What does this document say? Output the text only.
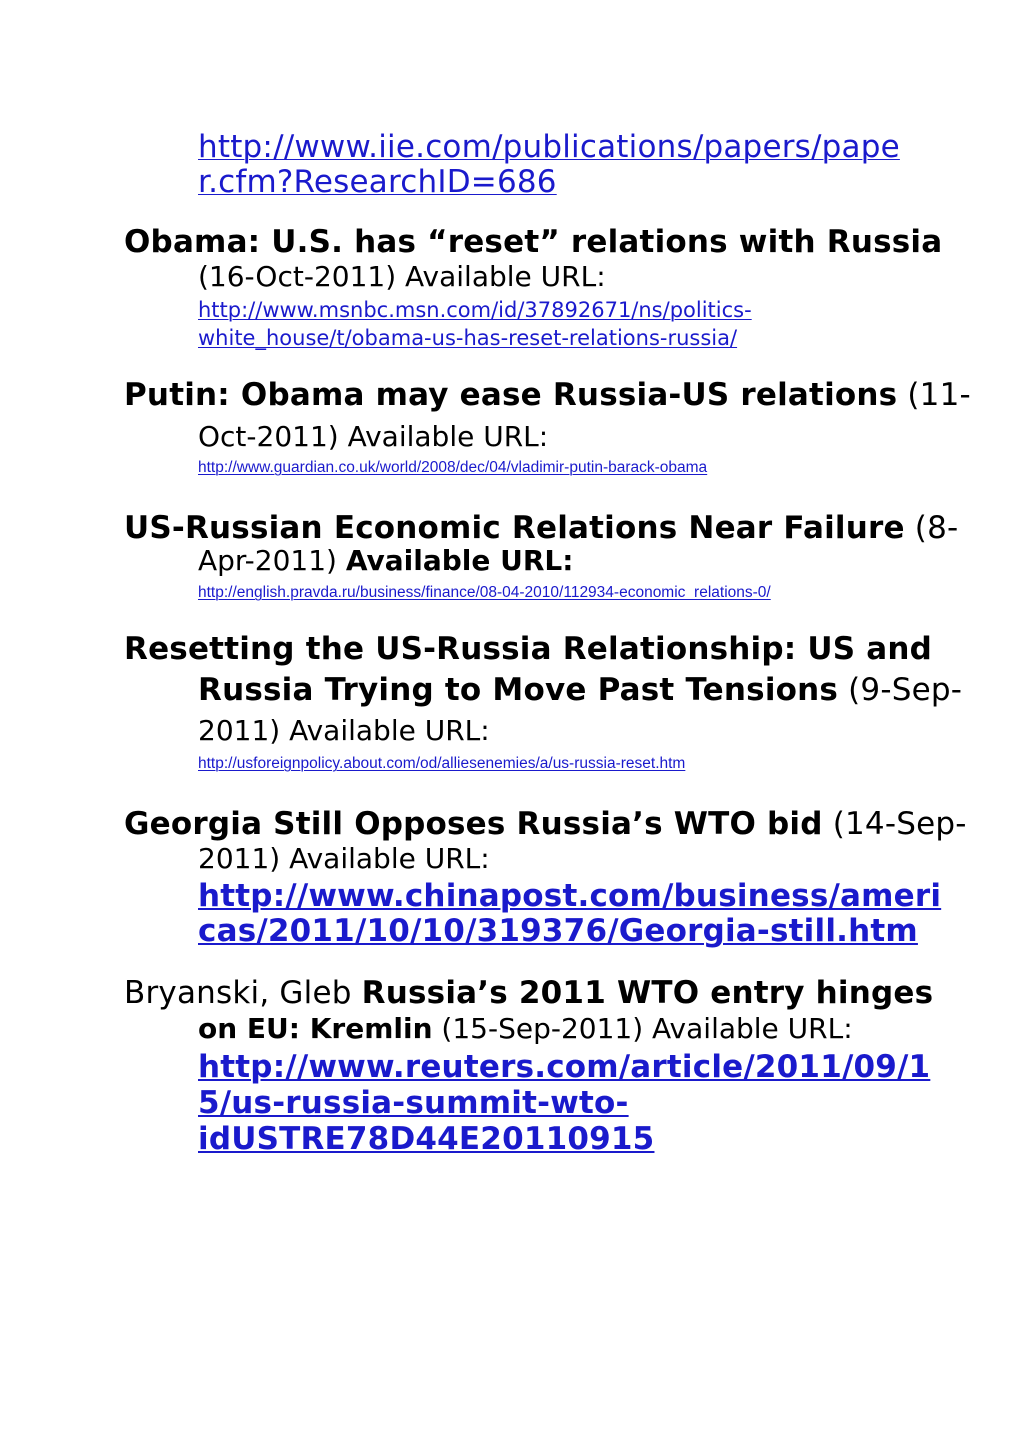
http://www.iie.com/publications/papers/pape

r.cfm?ResearchID=686

Obama: U.S. has “reset” relations with Russia

(16-Oct-2011) Available URL:

http://www.msnbc.msn.com/id/37892671/ns/politics-

white_house/t/obama-us-has-reset-relations-russia/

Putin: Obama may ease Russia-US relations (11-

Oct-2011) Available URL:

http://www.guardian.co.uk/world/2008/dec/04/vladimir-putin-barack-obama

US-Russian Economic Relations Near Failure (8-

Apr-2011) Available URL:

http://english.pravda.ru/business/finance/08-04-2010/112934-economic_relations-0/

Resetting the US-Russia Relationship: US and

Russia Trying to Move Past Tensions (9-Sep-

2011) Available URL:

http://usforeignpolicy.about.com/od/alliesenemies/a/us-russia-reset.htm

Georgia Still Opposes Russia’s WTO bid (14-Sep-

2011) Available URL:

http://www.chinapost.com/business/ameri

cas/2011/10/10/319376/Georgia-still.htm

Bryanski, Gleb Russia’s 2011 WTO entry hinges

on EU: Kremlin (15-Sep-2011) Available URL:

http://www.reuters.com/article/2011/09/1

5/us-russia-summit-wto-

idUSTRE78D44E20110915
